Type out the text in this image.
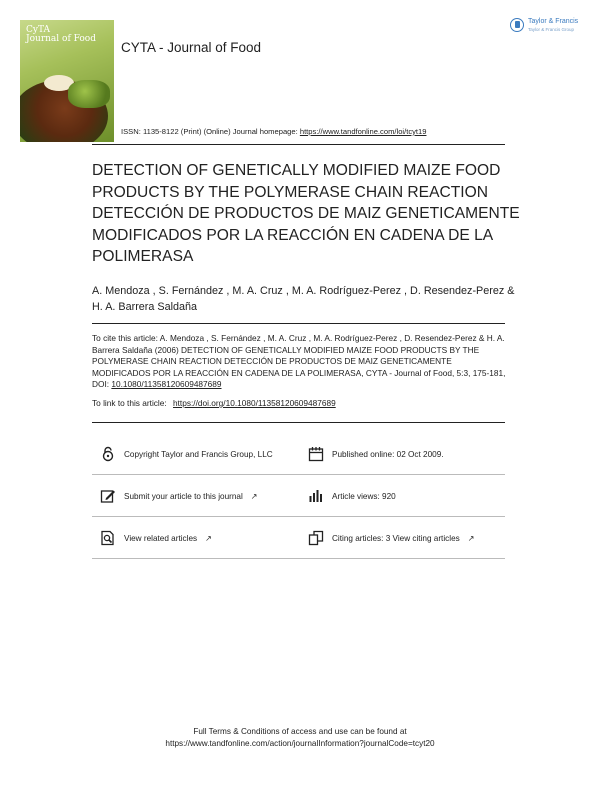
CyTA
Journal of Food
CYTA - Journal of Food
Taylor & Francis
Taylor & Francis Group
ISSN: 1135-8122 (Print) (Online) Journal homepage: https://www.tandfonline.com/loi/tcyt19
DETECTION OF GENETICALLY MODIFIED MAIZE FOOD PRODUCTS BY THE POLYMERASE CHAIN REACTION DETECCIÓN DE PRODUCTOS DE MAIZ GENETICAMENTE MODIFICADOS POR LA REACCIÓN EN CADENA DE LA POLIMERASA
A. Mendoza , S. Fernández , M. A. Cruz , M. A. Rodríguez-Perez , D. Resendez-Perez & H. A. Barrera Saldaña
To cite this article: A. Mendoza , S. Fernández , M. A. Cruz , M. A. Rodríguez-Perez , D. Resendez-Perez & H. A. Barrera Saldaña (2006) DETECTION OF GENETICALLY MODIFIED MAIZE FOOD PRODUCTS BY THE POLYMERASE CHAIN REACTION DETECCIÓN DE PRODUCTOS DE MAIZ GENETICAMENTE MODIFICADOS POR LA REACCIÓN EN CADENA DE LA POLIMERASA, CYTA - Journal of Food, 5:3, 175-181, DOI: 10.1080/11358120609487689
To link to this article: https://doi.org/10.1080/11358120609487689
Copyright Taylor and Francis Group, LLC	Published online: 02 Oct 2009.
Submit your article to this journal ↗	Article views: 920
View related articles ↗	Citing articles: 3 View citing articles ↗
Full Terms & Conditions of access and use can be found at
https://www.tandfonline.com/action/journalInformation?journalCode=tcyt20
